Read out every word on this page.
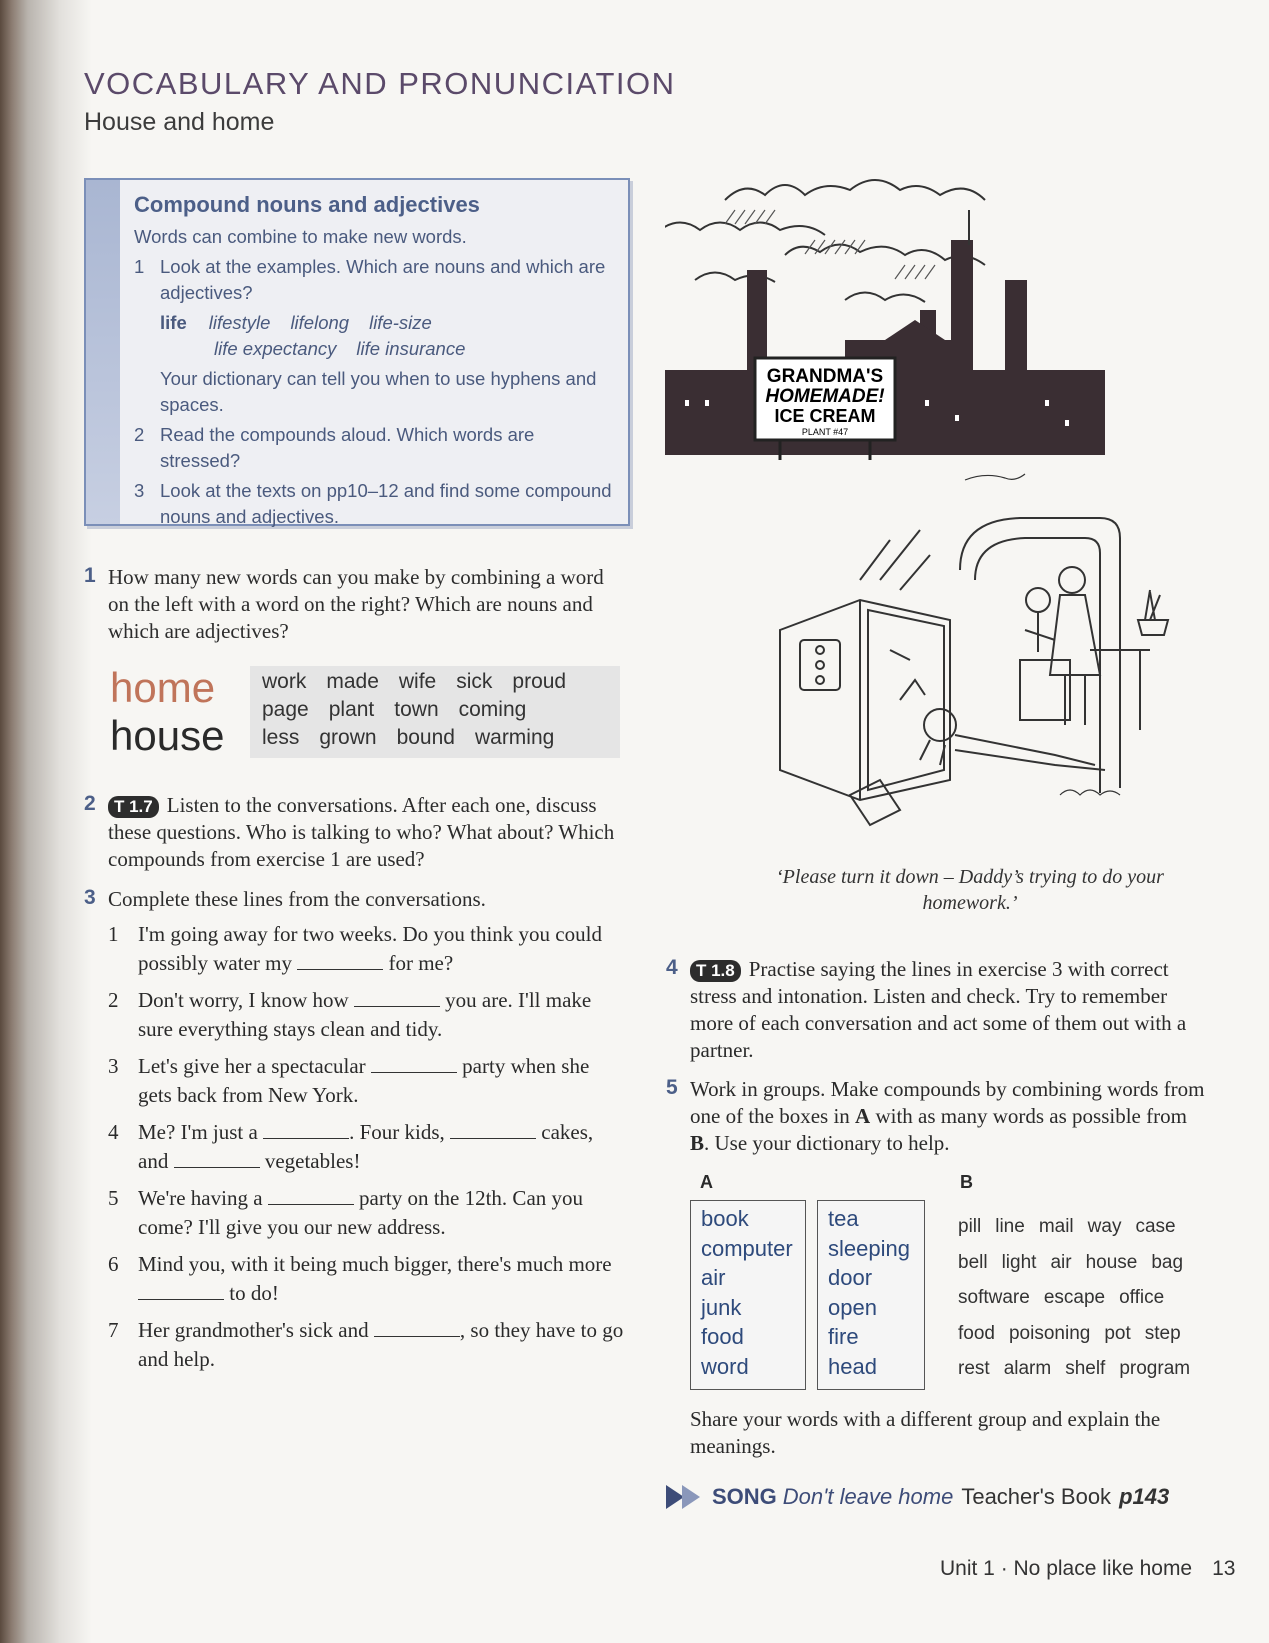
VOCABULARY AND PRONUNCIATION
House and home
Compound nouns and adjectives
Words can combine to make new words.
1 Look at the examples. Which are nouns and which are adjectives?
life lifestyle lifelong life-size
life expectancy life insurance
Your dictionary can tell you when to use hyphens and spaces.
2 Read the compounds aloud. Which words are stressed?
3 Look at the texts on pp10–12 and find some compound nouns and adjectives.
1 How many new words can you make by combining a word on the left with a word on the right? Which are nouns and which are adjectives?
home
house
work made wife sick proud
page plant town coming
less grown bound warming
2	T 1.7 Listen to the conversations. After each one, discuss these questions. Who is talking to who? What about? Which compounds from exercise 1 are used?
3 Complete these lines from the conversations.
1 I'm going away for two weeks. Do you think you could possibly water my	for me?
2 Don't worry, I know how	you are. I'll make sure everything stays clean and tidy.
3 Let's give her a spectacular	party when she gets back from New York.
4 Me? I'm just a	. Four kids,	cakes, and	vegetables!
5 We're having a	party on the 12th. Can you come? I'll give you our new address.
6 Mind you, with it being much bigger, there's much more  to do!
7 Her grandmother's sick and	, so they have to go and help.
GRANDMA'S
HOMEMADE!
ICE CREAM
PLANT #47
‘Please turn it down – Daddy’s trying to do your homework.’
4	T 1.8 Practise saying the lines in exercise 3 with correct stress and intonation. Listen and check. Try to remember more of each conversation and act some of them out with a partner.
5 Work in groups. Make compounds by combining words from one of the boxes in A with as many words as possible from B. Use your dictionary to help.
A	B
book
computer
air
junk
food
word
tea
sleeping
door
open
fire
head
pill line mail way case
bell light air house bag
software escape office
food poisoning pot step
rest alarm shelf program
Share your words with a different group and explain the meanings.
SONG Don't leave home Teacher's Book p143
Unit 1 · No place like home 13
